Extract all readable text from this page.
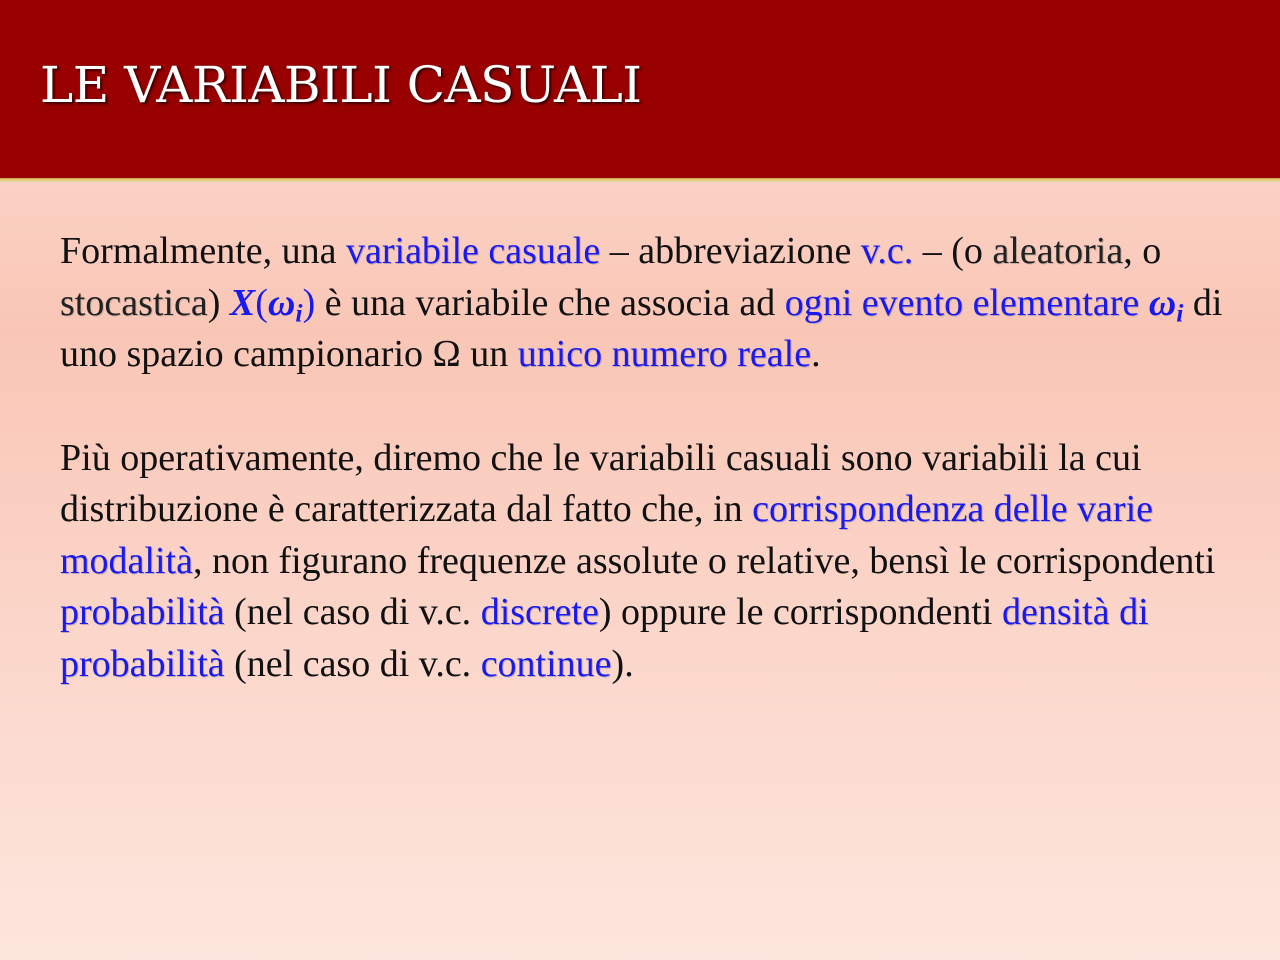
LE VARIABILI CASUALI

Formalmente, una variabile casuale – abbreviazione v.c. – (o aleatoria, o stocastica) $X(\omega_i)$ è una variabile che associa ad ogni evento elementare $\omega_i$ di uno spazio campionario Ω un unico numero reale.

Più operativamente, diremo che le variabili casuali sono variabili la cui distribuzione è caratterizzata dal fatto che, in corrispondenza delle varie modalità, non figurano frequenze assolute o relative, bensì le corrispondenti probabilità (nel caso di v.c. discrete) oppure le corrispondenti densità di probabilità (nel caso di v.c. continue).
